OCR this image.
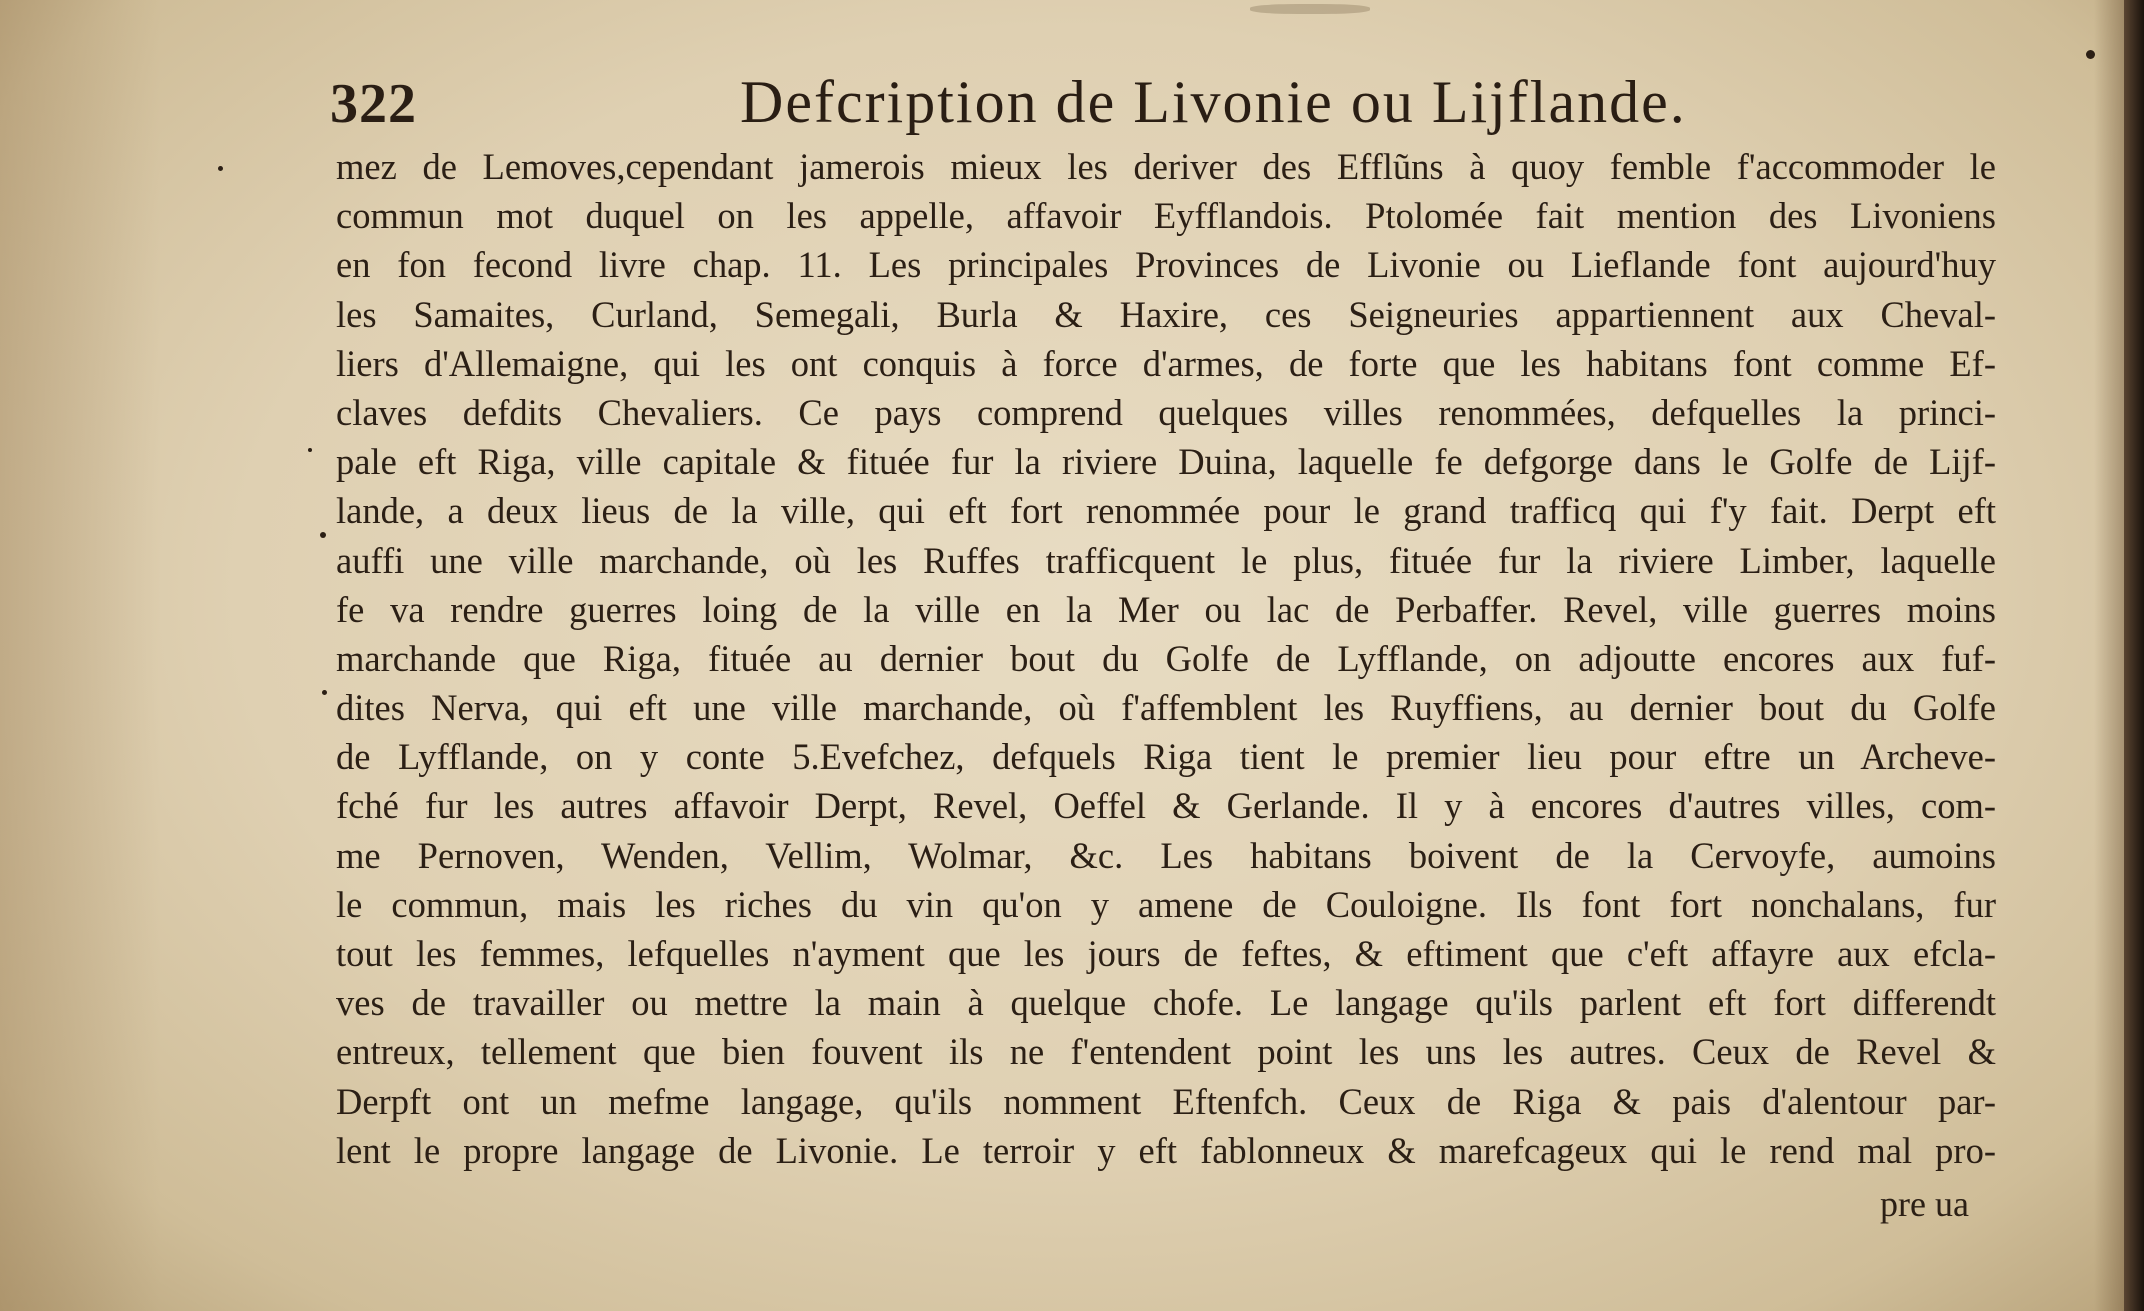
322	Defcription de Livonie ou Lijflande.
mez de Lemoves,cependant jamerois mieux les deriver des Efflũns à quoy femble f'accommoder le
commun mot duquel on les appelle, affavoir Eyfflandois. Ptolomée fait mention des Livoniens
en fon fecond livre chap. 11. Les principales Provinces de Livonie ou Lieflande font aujourd'huy
les Samaites, Curland, Semegali, Burla & Haxire, ces Seigneuries appartiennent aux Cheval-
liers d'Allemaigne, qui les ont conquis à force d'armes, de forte que les habitans font comme Ef-
claves defdits Chevaliers. Ce pays comprend quelques villes renommées, defquelles la princi-
pale eft Riga, ville capitale & fituée fur la riviere Duina, laquelle fe defgorge dans le Golfe de Lijf-
lande, a deux lieus de la ville, qui eft fort renommée pour le grand trafficq qui f'y fait. Derpt eft
auffi une ville marchande, où les Ruffes trafficquent le plus, fituée fur la riviere Limber, laquelle
fe va rendre guerres loing de la ville en la Mer ou lac de Perbaffer. Revel, ville guerres moins
marchande que Riga, fituée au dernier bout du Golfe de Lyfflande, on adjoutte encores aux fuf-
dites Nerva, qui eft une ville marchande, où f'affemblent les Ruyffiens, au dernier bout du Golfe
de Lyfflande, on y conte 5.Evefchez, defquels Riga tient le premier lieu pour eftre un Archeve-
fché fur les autres affavoir Derpt, Revel, Oeffel & Gerlande. Il y à encores d'autres villes, com-
me Pernoven, Wenden, Vellim, Wolmar, &c. Les habitans boivent de la Cervoyfe, aumoins
le commun, mais les riches du vin qu'on y amene de Couloigne. Ils font fort nonchalans, fur
tout les femmes, lefquelles n'ayment que les jours de feftes, & eftiment que c'eft affayre aux efcla-
ves de travailler ou mettre la main à quelque chofe. Le langage qu'ils parlent eft fort differendt
entreux, tellement que bien fouvent ils ne f'entendent point les uns les autres. Ceux de Revel &
Derpft ont un mefme langage, qu'ils nomment Eftenfch. Ceux de Riga & pais d'alentour par-
lent le propre langage de Livonie. Le terroir y eft fablonneux & marefcageux qui le rend mal pro-
pre ua
